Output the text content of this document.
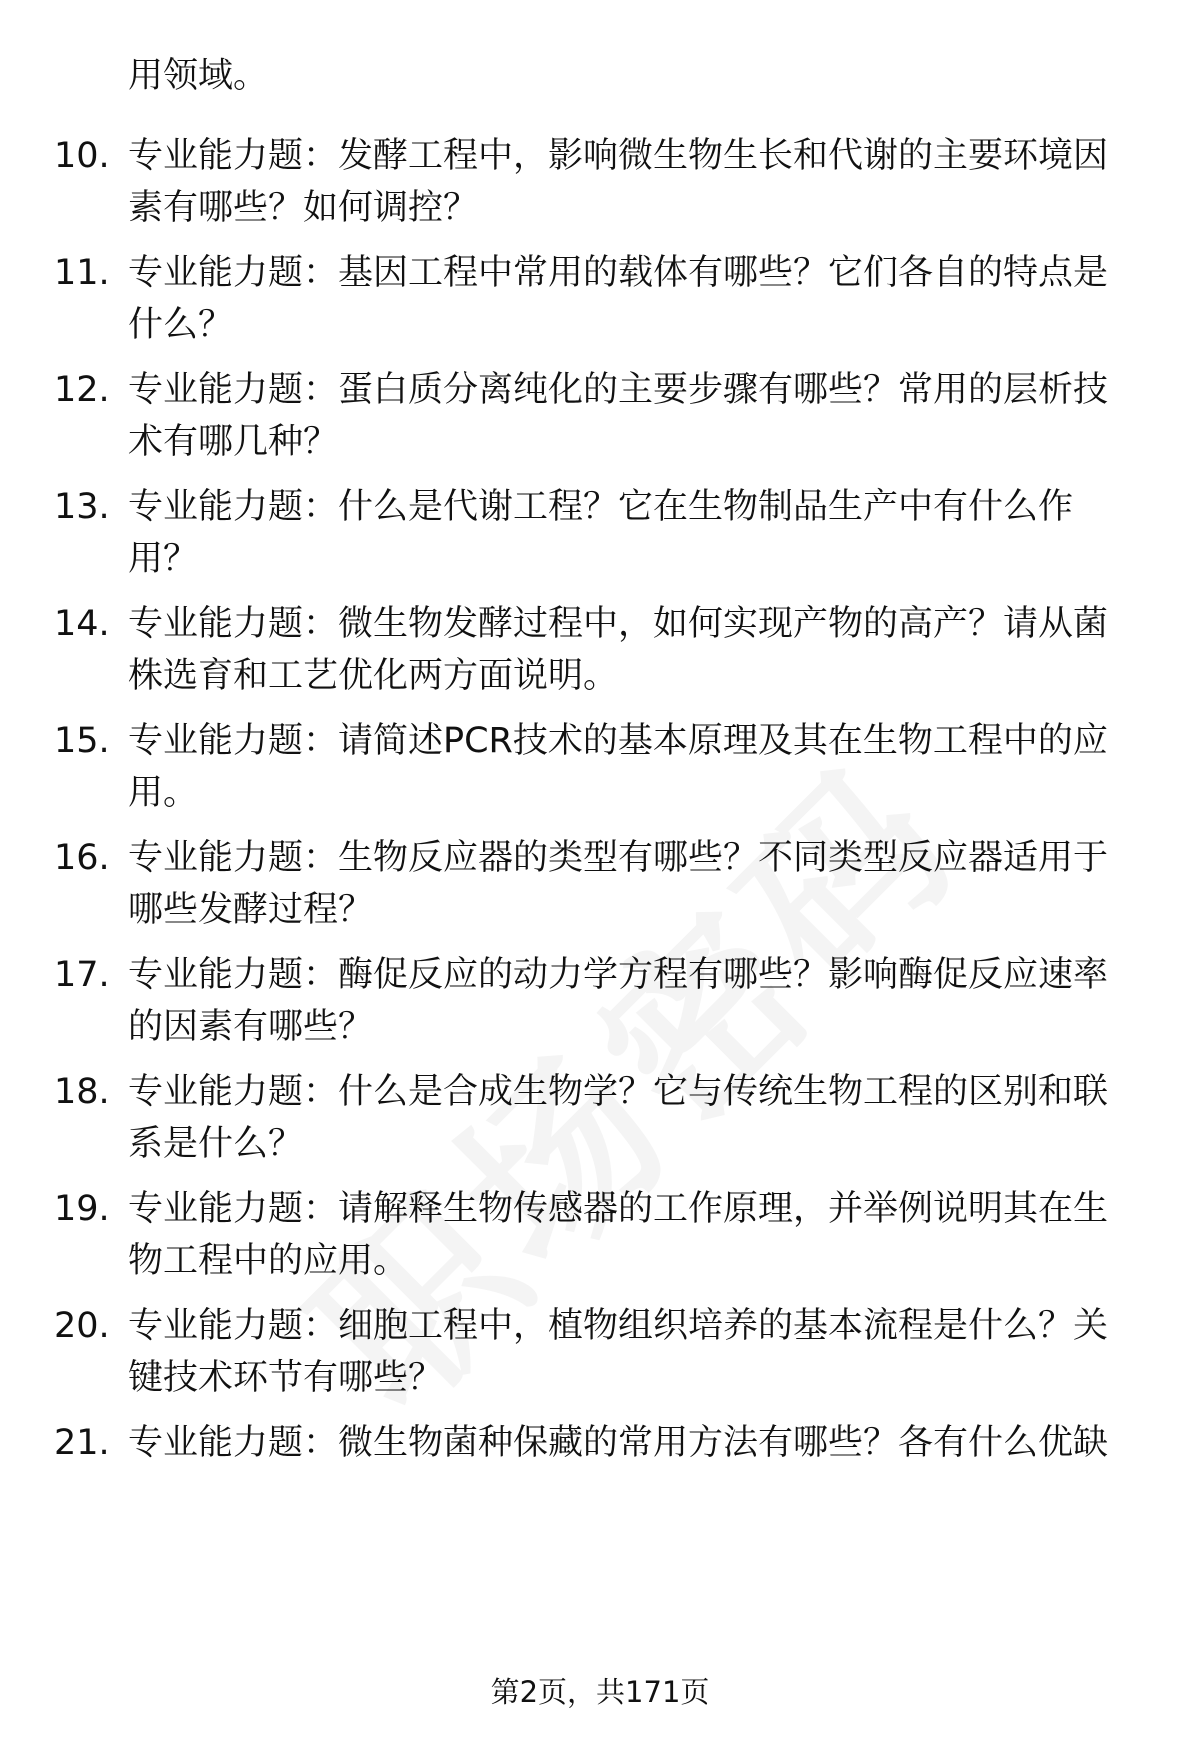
用领域。

10. 专业能力题：发酵工程中，影响微生物生长和代谢的主要环境因素有哪些？如何调控？
11. 专业能力题：基因工程中常用的载体有哪些？它们各自的特点是什么？
12. 专业能力题：蛋白质分离纯化的主要步骤有哪些？常用的层析技术有哪几种？
13. 专业能力题：什么是代谢工程？它在生物制品生产中有什么作用？
14. 专业能力题：微生物发酵过程中，如何实现产物的高产？请从菌株选育和工艺优化两方面说明。
15. 专业能力题：请简述PCR技术的基本原理及其在生物工程中的应用。
16. 专业能力题：生物反应器的类型有哪些？不同类型反应器适用于哪些发酵过程？
17. 专业能力题：酶促反应的动力学方程有哪些？影响酶促反应速率的因素有哪些？
18. 专业能力题：什么是合成生物学？它与传统生物工程的区别和联系是什么？
19. 专业能力题：请解释生物传感器的工作原理，并举例说明其在生物工程中的应用。
20. 专业能力题：细胞工程中，植物组织培养的基本流程是什么？关键技术环节有哪些？
21. 专业能力题：微生物菌种保藏的常用方法有哪些？各有什么优缺
第2页，共171页
